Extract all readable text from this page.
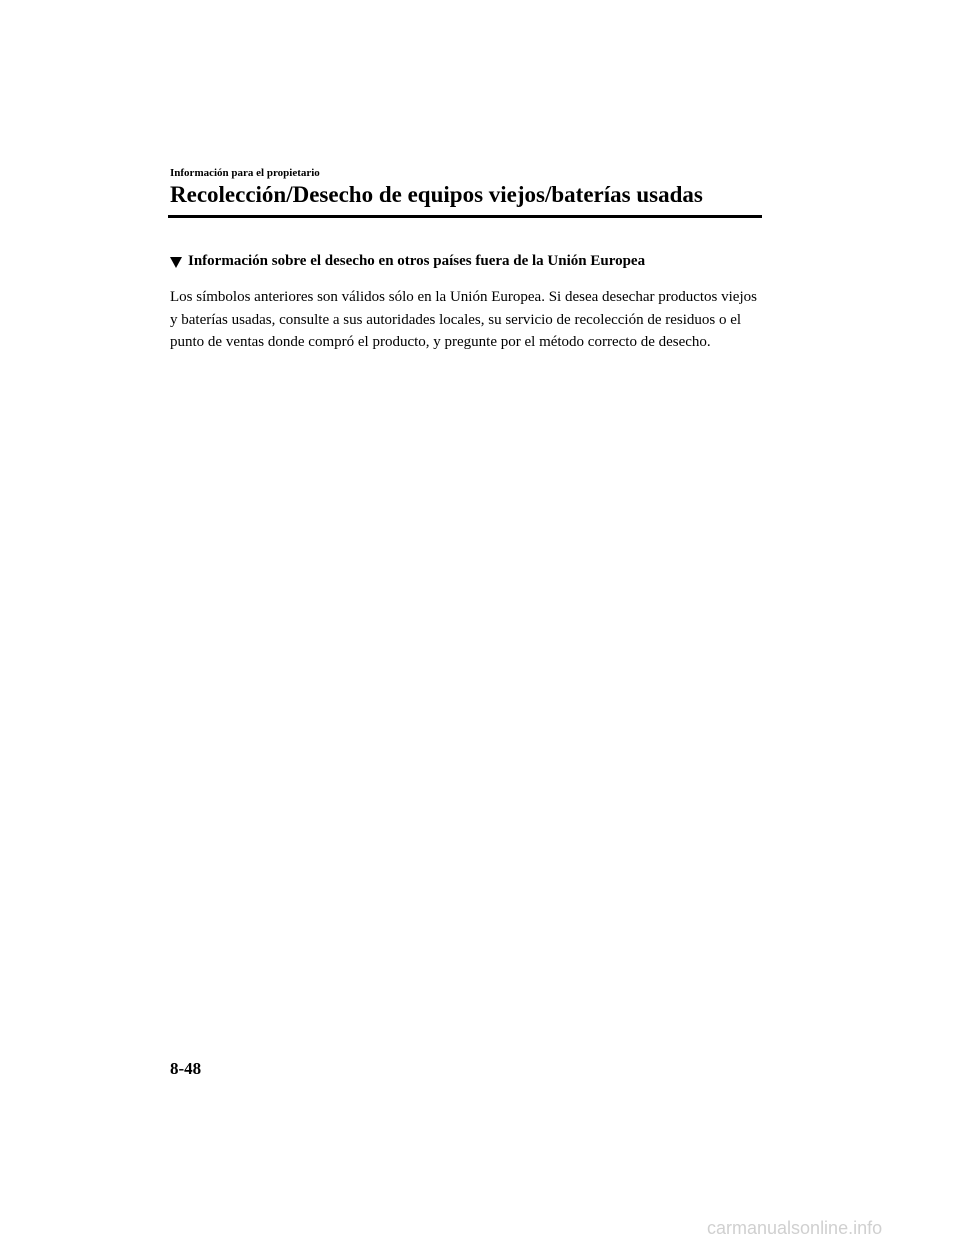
Información para el propietario
Recolección/Desecho de equipos viejos/baterías usadas
Información sobre el desecho en otros países fuera de la Unión Europea

Los símbolos anteriores son válidos sólo en la Unión Europea. Si desea desechar productos viejos y baterías usadas, consulte a sus autoridades locales, su servicio de recolección de residuos o el punto de ventas donde compró el producto, y pregunte por el método correcto de desecho.

8-48
carmanualsonline.info
